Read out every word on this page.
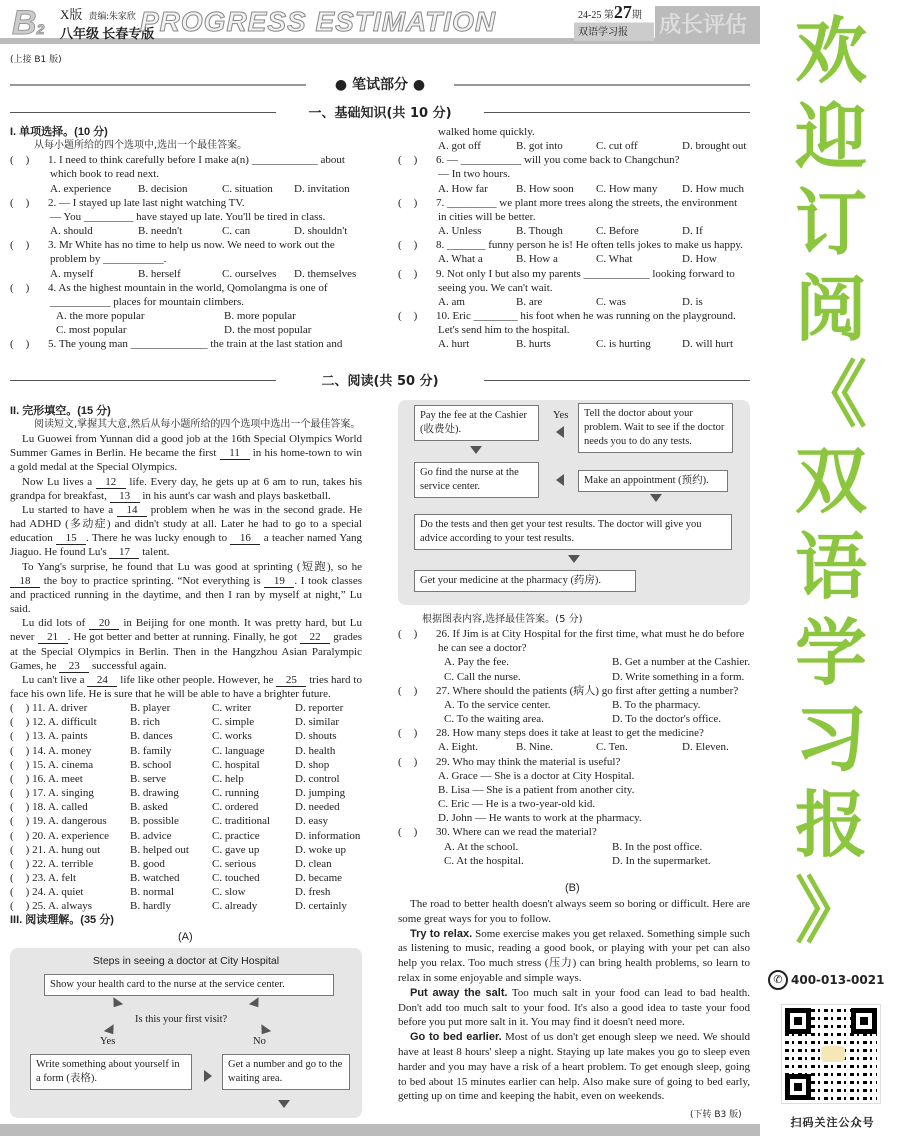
B2
X版 责编:朱家欣
八年级 长春专版
PROGRESS ESTIMATION	24-25 第27期
双语学习报	成长评估
(上接 B1 版)
● 笔试部分 ●
一、基础知识(共 10 分)
I. 单项选择。(10 分)
从每小题所给的四个选项中,选出一个最佳答案。
( )
1. I need to think carefully before I make a(n) ____________ about
which book to read next.
A. experience	B. decision	C. situation	D. invitation
( )
2. — I stayed up late last night watching TV.
— You _________ have stayed up late. You'll be tired in class.
A. should	B. needn't	C. can	D. shouldn't
( )
3. Mr White has no time to help us now. We need to work out the
problem by ___________.
A. myself	B. herself	C. ourselves	D. themselves
( )
4. As the highest mountain in the world, Qomolangma is one of
___________ places for mountain climbers.
A. the more popular	B. more popular
C. most popular	D. the most popular
( )
5. The young man ______________ the train at the last station and
walked home quickly.
A. got off	B. got into	C. cut off	D. brought out
( )
6. — ___________ will you come back to Changchun?
— In two hours.
A. How far	B. How soon	C. How many	D. How much
( )
7. _________ we plant more trees along the streets, the environment
in cities will be better.
A. Unless	B. Though	C. Before	D. If
( )
8. _______ funny person he is! He often tells jokes to make us happy.
A. What a	B. How a	C. What	D. How
( )
9. Not only I but also my parents ____________ looking forward to
seeing you. We can't wait.
A. am	B. are	C. was	D. is
( )
10. Eric ________ his foot when he was running on the playground.
Let's send him to the hospital.
A. hurt	B. hurts	C. is hurting	D. will hurt
二、阅读(共 50 分)
II. 完形填空。(15 分)
阅读短文,掌握其大意,然后从每小题所给的四个选项中选出一个最佳答案。
Lu Guowei from Yunnan did a good job at the 16th Special Olympics World Summer Games in Berlin. He became the first 11 in his home-town to win a gold medal at the Special Olympics.
Now Lu lives a 12 life. Every day, he gets up at 6 am to run, takes his grandpa for breakfast, 13 in his aunt's car wash and plays basketball.
Lu started to have a 14 problem when he was in the second grade. He had ADHD (多动症) and didn't study at all. Later he had to go to a special education 15 . There he was lucky enough to 16 a teacher named Yang Jiaguo. He found Lu's 17 talent.
To Yang's surprise, he found that Lu was good at sprinting (短跑), so he 18 the boy to practice sprinting. “Not everything is 19 . I took classes and practiced running in the daytime, and then I ran by myself at night,” Lu said.
Lu did lots of 20 in Beijing for one month. It was pretty hard, but Lu never 21 . He got better and better at running. Finally, he got 22 grades at the Special Olympics in Berlin. Then in the Hangzhou Asian Paralympic Games, he 23 successful again.
Lu can't live a 24 life like other people. However, he 25 tries hard to face his own life. He is sure that he will be able to have a brighter future.
( ) 11. A. driver	B. player	C. writer	D. reporter
( ) 12. A. difficult	B. rich	C. simple	D. similar
( ) 13. A. paints	B. dances	C. works	D. shouts
( ) 14. A. money	B. family	C. language	D. health
( ) 15. A. cinema	B. school	C. hospital	D. shop
( ) 16. A. meet	B. serve	C. help	D. control
( ) 17. A. singing	B. drawing	C. running	D. jumping
( ) 18. A. called	B. asked	C. ordered	D. needed
( ) 19. A. dangerous	B. possible	C. traditional	D. easy
( ) 20. A. experience	B. advice	C. practice	D. information
( ) 21. A. hung out	B. helped out	C. gave up	D. woke up
( ) 22. A. terrible	B. good	C. serious	D. clean
( ) 23. A. felt	B. watched	C. touched	D. became
( ) 24. A. quiet	B. normal	C. slow	D. fresh
( ) 25. A. always	B. hardly	C. already	D. certainly
III. 阅读理解。(35 分)
(A)
Steps in seeing a doctor at City Hospital
Show your health card to the nurse at the service center.
Is this your first visit?
Yes	No
Write something about yourself in a form (表格).
Get a number and go to the waiting area.
Pay the fee at the Cashier (收费处).
Yes	Tell the doctor about your problem. Wait to see if the doctor needs you to do any tests.
Go find the nurse at the service center.
Make an appointment (预约).
Do the tests and then get your test results. The doctor will give you advice according to your test results.
Get your medicine at the pharmacy (药房).
根据图表内容,选择最佳答案。(5 分)
( )
26. If Jim is at City Hospital for the first time, what must he do before
he can see a doctor?
A. Pay the fee.	B. Get a number at the Cashier.
C. Call the nurse.	D. Write something in a form.
( )
27. Where should the patients (病人) go first after getting a number?
A. To the service center.	B. To the pharmacy.
C. To the waiting area.	D. To the doctor's office.
( )
28. How many steps does it take at least to get the medicine?
A. Eight.	B. Nine.	C. Ten.	D. Eleven.
( )
29. Who may think the material is useful?
A. Grace — She is a doctor at City Hospital.
B. Lisa — She is a patient from another city.
C. Eric — He is a two-year-old kid.
D. John — He wants to work at the pharmacy.
( )
30. Where can we read the material?
A. At the school.	B. In the post office.
C. At the hospital.	D. In the supermarket.
(B)
The road to better health doesn't always seem so boring or difficult. Here are some great ways for you to follow.
Try to relax. Some exercise makes you get relaxed. Something simple such as listening to music, reading a good book, or playing with your pet can also help you relax. Too much stress (压力) can bring health problems, so learn to relax in some enjoyable and simple ways.
Put away the salt. Too much salt in your food can lead to bad health. Don't add too much salt to your food. It's also a good idea to taste your food before you put more salt in it. You may find it doesn't need more.
Go to bed earlier. Most of us don't get enough sleep we need. We should have at least 8 hours' sleep a night. Staying up late makes you go to sleep even harder and you may have a risk of a heart problem. To get enough sleep, going to bed about 15 minutes earlier can help. Also make sure of going to bed early, getting up on time and keeping the habit, even on weekends.
(下转 B3 版)
欢
迎
订
阅
《
双
语
学
习
报
》
✆ 400-013-0021
扫码关注公众号
